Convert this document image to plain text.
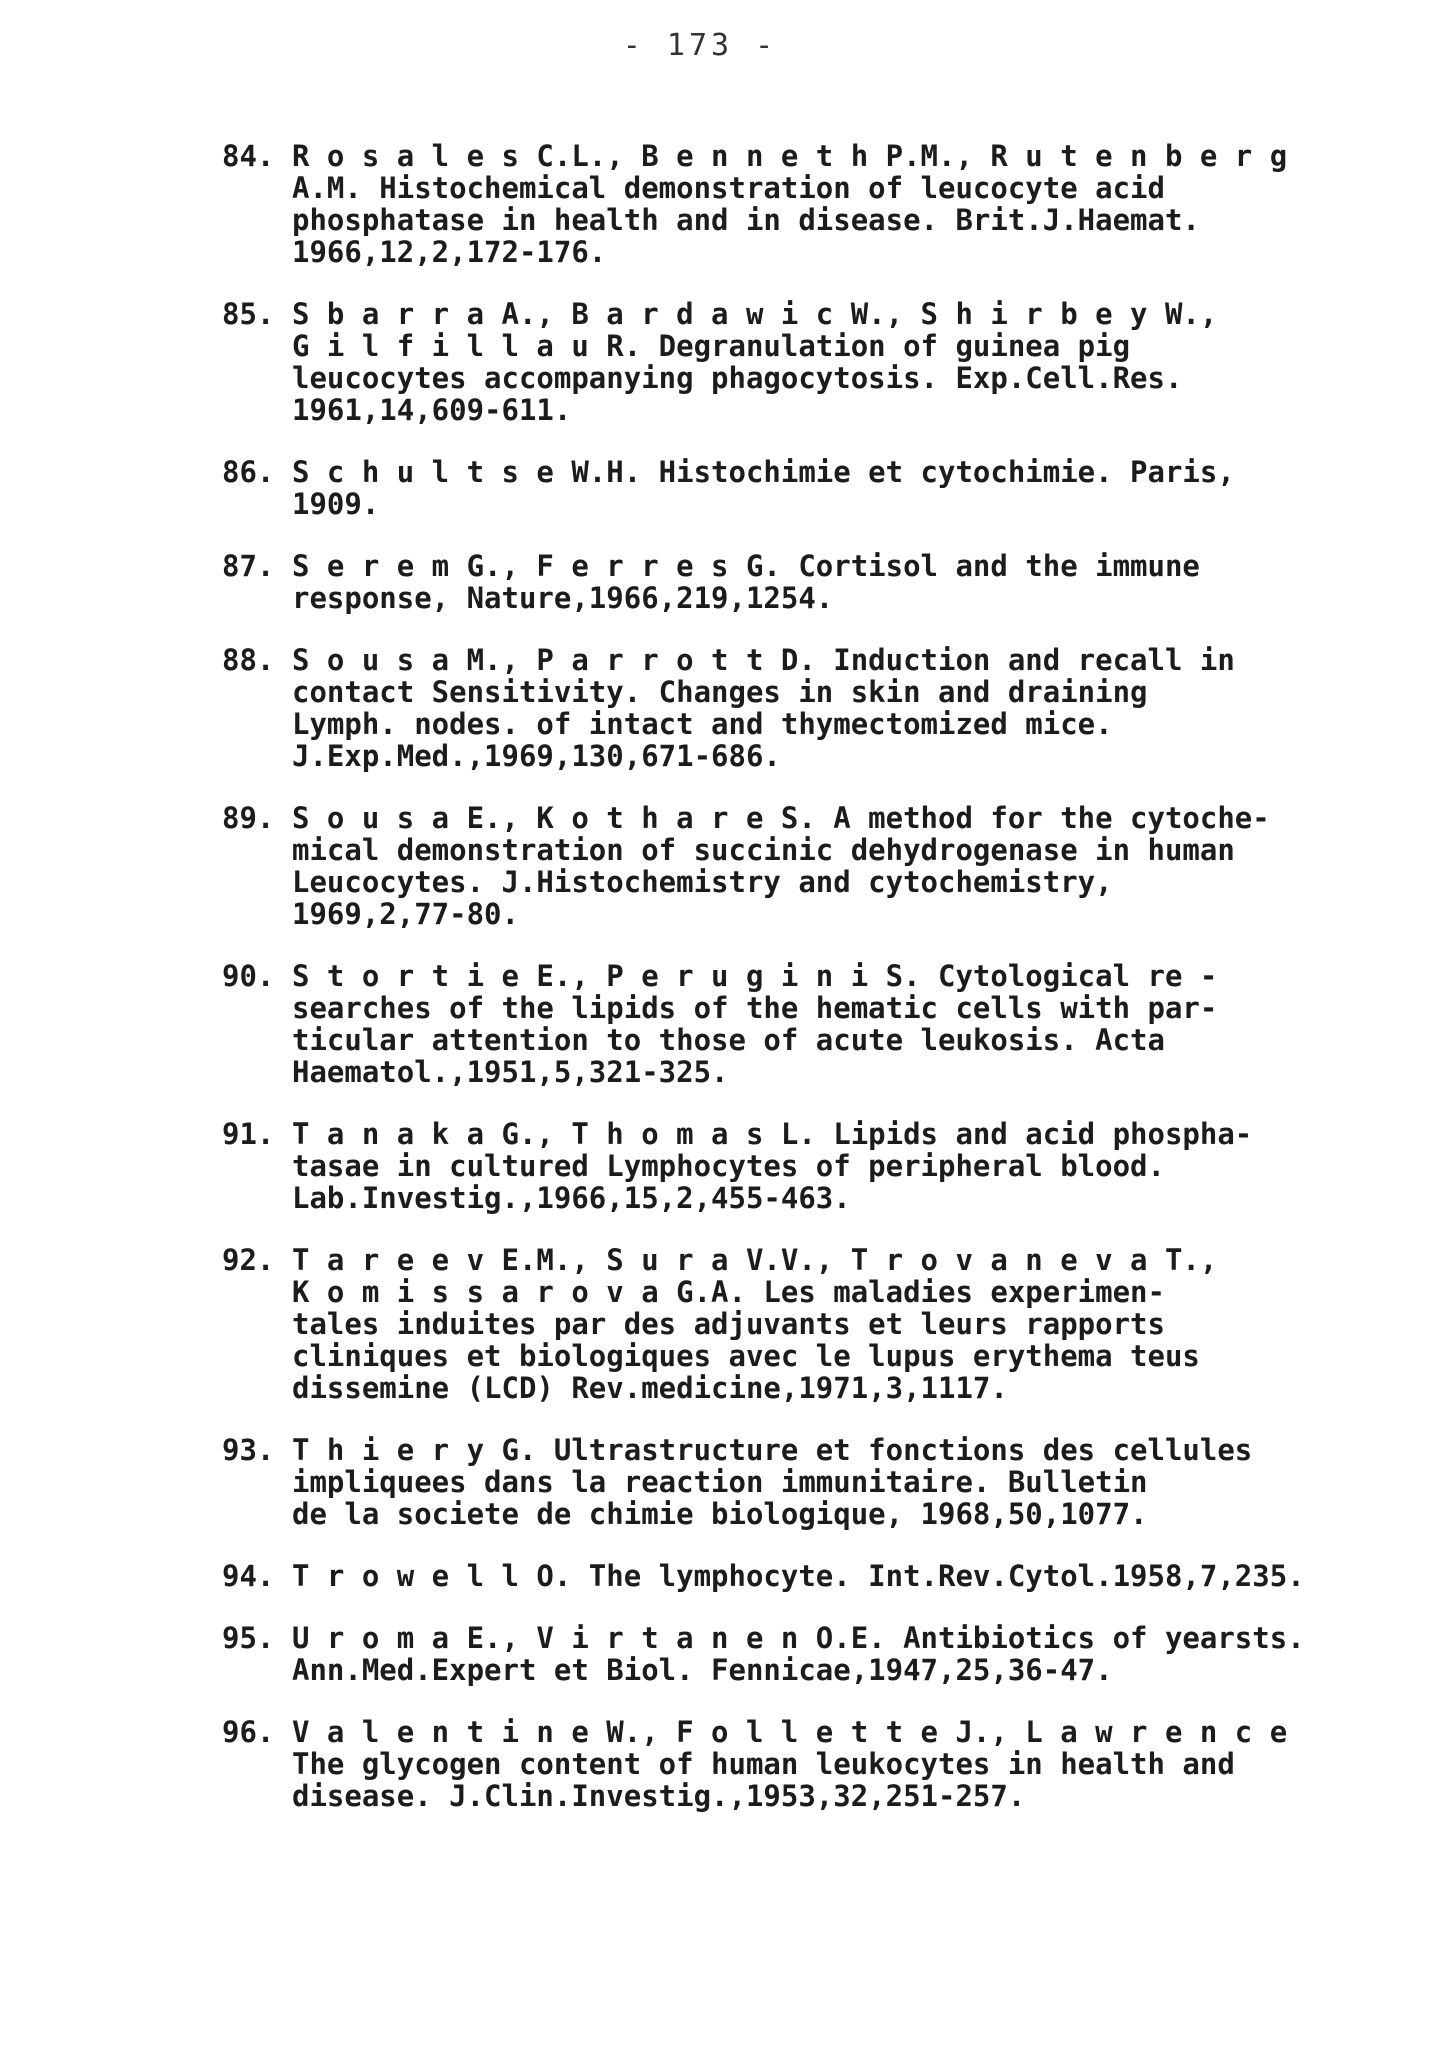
- 173 -
84. R o s a l e s C.L., B e n n e t h P.M., R u t e n b e r g
A.M. Histochemical demonstration of leucocyte acid
phosphatase in health and in disease. Brit.J.Haemat.
1966,12,2,172-176.
85. S b a r r a A., B a r d a w i c W., S h i r b e y W.,
G i l f i l l a u R. Degranulation of guinea pig
leucocytes accompanying phagocytosis. Exp.Cell.Res.
1961,14,609-611.
86. S c h u l t s e W.H. Histochimie et cytochimie. Paris,
1909.
87. S e r e m G., F e r r e s G. Cortisol and the immune
response, Nature,1966,219,1254.
88. S o u s a M., P a r r o t t D. Induction and recall in
contact Sensitivity. Changes in skin and draining
Lymph. nodes. of intact and thymectomized mice.
J.Exp.Med.,1969,130,671-686.
89. S o u s a E., K o t h a r e S. A method for the cytoche-
mical demonstration of succinic dehydrogenase in human
Leucocytes. J.Histochemistry and cytochemistry,
1969,2,77-80.
90. S t o r t i e E., P e r u g i n i S. Cytological re -
searches of the lipids of the hematic cells with par-
ticular attention to those of acute leukosis. Acta
Haematol.,1951,5,321-325.
91. T a n a k a G., T h o m a s L. Lipids and acid phospha-
tasae in cultured Lymphocytes of peripheral blood.
Lab.Investig.,1966,15,2,455-463.
92. T a r e e v E.M., S u r a V.V., T r o v a n e v a T.,
K o m i s s a r o v a G.A. Les maladies experimen-
tales induites par des adjuvants et leurs rapports
cliniques et biologiques avec le lupus erythema teus
dissemine (LCD) Rev.medicine,1971,3,1117.
93. T h i e r y G. Ultrastructure et fonctions des cellules
impliquees dans la reaction immunitaire. Bulletin
de la societe de chimie biologique, 1968,50,1077.
94. T r o w e l l O. The lymphocyte. Int.Rev.Cytol.1958,7,235.
95. U r o m a E., V i r t a n e n O.E. Antibiotics of yearsts.
Ann.Med.Expert et Biol. Fenniсae,1947,25,36-47.
96. V a l e n t i n e W., F o l l e t t e J., L a w r e n c e
The glycogen content of human leukocytes in health and
disease. J.Clin.Investig.,1953,32,251-257.
